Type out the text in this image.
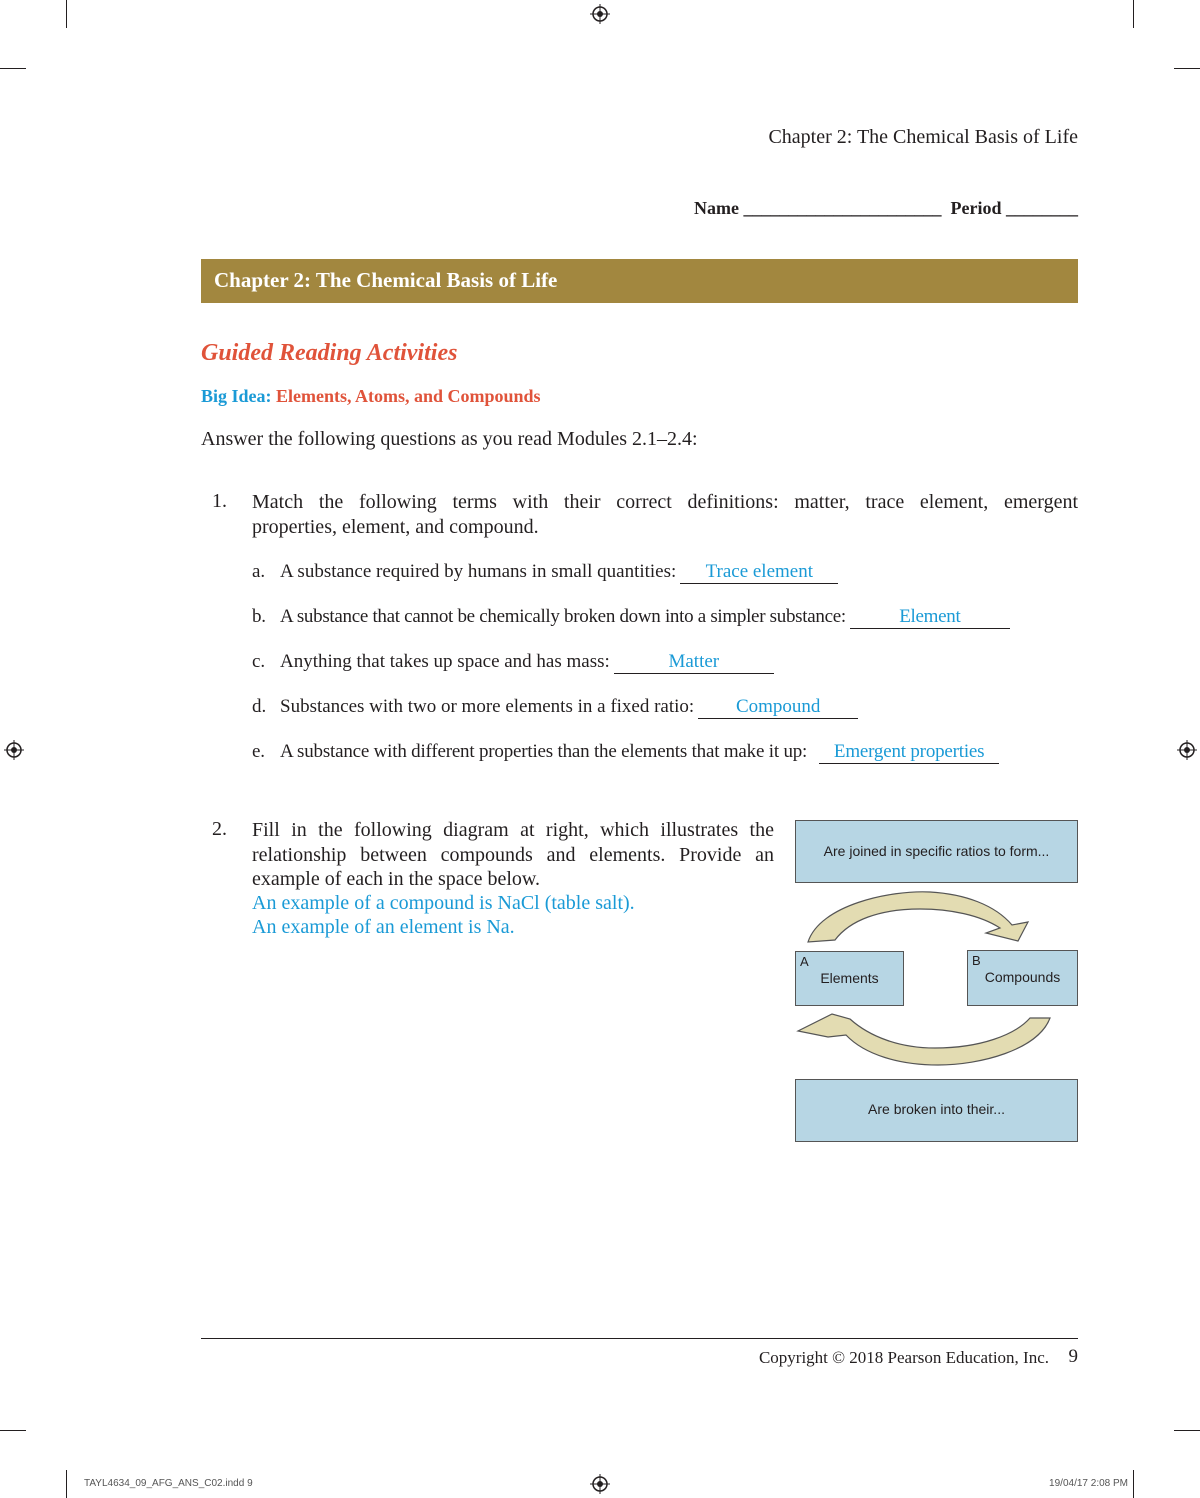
Chapter 2: The Chemical Basis of Life
Name ______________________  Period ________
Chapter 2: The Chemical Basis of Life
Guided Reading Activities
Big Idea: Elements, Atoms, and Compounds
Answer the following questions as you read Modules 2.1–2.4:
1. Match the following terms with their correct definitions: matter, trace element, emergent
properties, element, and compound.
a. A substance required by humans in small quantities: Trace element
b. A substance that cannot be chemically broken down into a simpler substance:	Element
c. Anything that takes up space and has mass:	Matter
d. Substances with two or more elements in a fixed ratio: Compound
e. A substance with different properties than the elements that make it up: Emergent properties
2. Fill in the following diagram at right, which illustrates the
relationship between compounds and elements. Provide an
example of each in the space below.
An example of a compound is NaCl (table salt).
An example of an element is Na.
Are joined in specific ratios to form...
A
Elements
B
Compounds
Are broken into their...
Copyright © 2018 Pearson Education, Inc. 9
TAYL4634_09_AFG_ANS_C02.indd 9	19/04/17 2:08 PM
